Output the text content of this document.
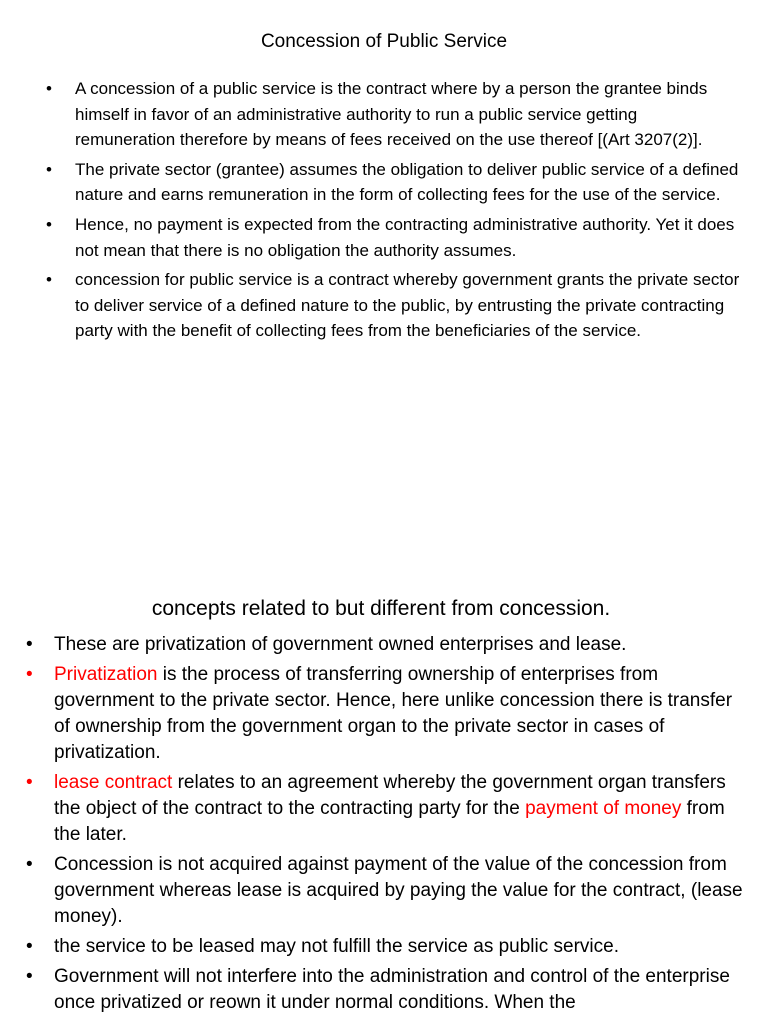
Concession of Public Service
• A concession of a public service is the contract where by a person the grantee binds himself in favor of an administrative authority to run a public service getting remuneration therefore by means of fees received on the use thereof [(Art 3207(2)].
• The private sector (grantee) assumes the obligation to deliver public service of a defined nature and earns remuneration in the form of collecting fees for the use of the service.
• Hence, no payment is expected from the contracting administrative authority. Yet it does not mean that there is no obligation the authority assumes.
• concession for public service is a contract whereby government grants the private sector to deliver service of a defined nature to the public, by entrusting the private contracting party with the benefit of collecting fees from the beneficiaries of the service.
concepts related to but different from concession.
• These are privatization of government owned enterprises and lease.
• Privatization is the process of transferring ownership of enterprises from government to the private sector. Hence, here unlike concession there is transfer of ownership from the government organ to the private sector in cases of privatization.
• lease contract relates to an agreement whereby the government organ transfers the object of the contract to the contracting party for the payment of money from the later.
• Concession is not acquired against payment of the value of the concession from government whereas lease is acquired by paying the value for the contract, (lease money).
• the service to be leased may not fulfill the service as public service.
• Government will not interfere into the administration and control of the enterprise once privatized or reown it under normal conditions. When the
